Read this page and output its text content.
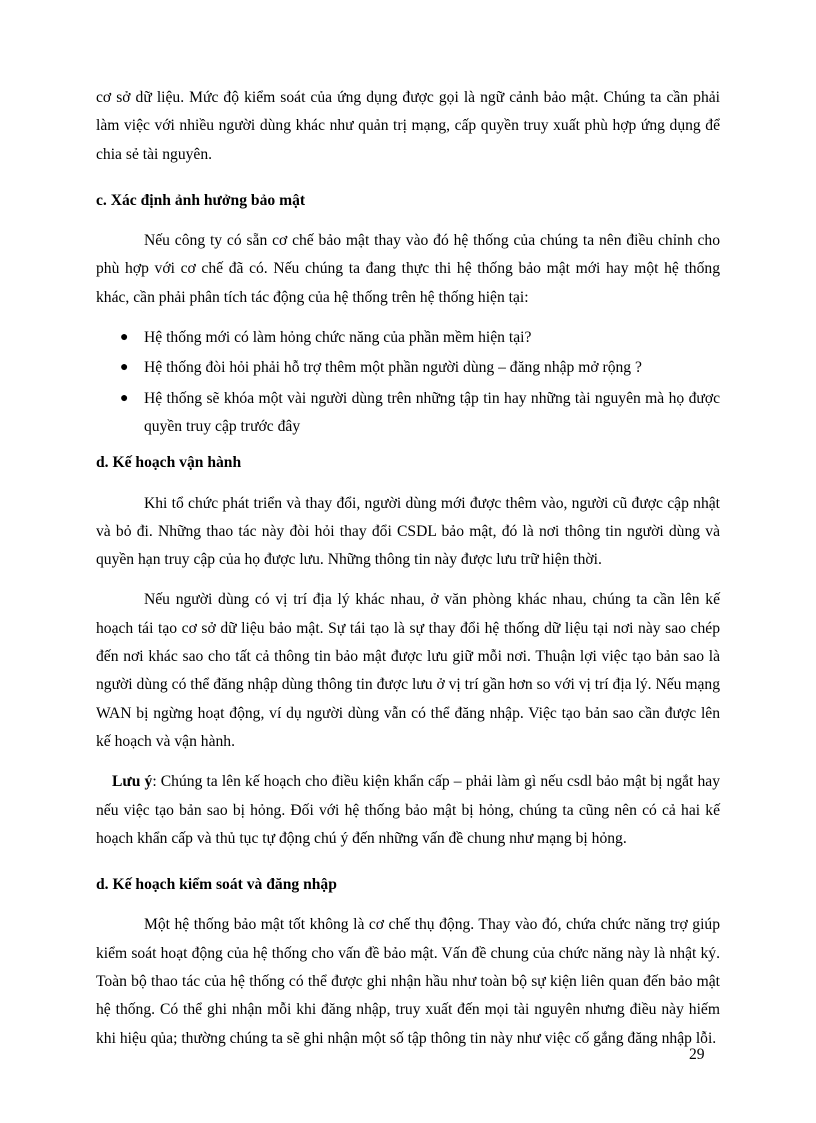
cơ sở dữ liệu. Mức độ kiểm soát của ứng dụng được gọi là ngữ cảnh bảo mật. Chúng ta cần phải làm việc với nhiều người dùng khác như quản trị mạng, cấp quyền truy xuất phù hợp ứng dụng để chia sẻ tài nguyên.

c. Xác định ảnh hưởng bảo mật

Nếu công ty có sẵn cơ chế bảo mật thay vào đó hệ thống của chúng ta nên điều chỉnh cho phù hợp với cơ chế đã có. Nếu chúng ta đang thực thi hệ thống bảo mật mới hay một hệ thống khác, cần phải phân tích tác động của hệ thống trên hệ thống hiện tại:

● Hệ thống mới có làm hỏng chức năng của phần mềm hiện tại?
● Hệ thống đòi hỏi phải hỗ trợ thêm một phần người dùng – đăng nhập mở rộng ?
● Hệ thống sẽ khóa một vài người dùng trên những tập tin hay những tài nguyên mà họ được quyền truy cập trước đây

d. Kế hoạch vận hành

Khi tổ chức phát triển và thay đổi, người dùng mới được thêm vào, người cũ được cập nhật và bỏ đi. Những thao tác này đòi hỏi thay đổi CSDL bảo mật, đó là nơi thông tin người dùng và quyền hạn truy cập của họ được lưu. Những thông tin này được lưu trữ hiện thời.

Nếu người dùng có vị trí địa lý khác nhau, ở văn phòng khác nhau, chúng ta cần lên kế hoạch tái tạo cơ sở dữ liệu bảo mật. Sự tái tạo là sự thay đổi hệ thống dữ liệu tại nơi này sao chép đến nơi khác sao cho tất cả thông tin bảo mật được lưu giữ mỗi nơi. Thuận lợi việc tạo bản sao là người dùng có thể đăng nhập dùng thông tin được lưu ở vị trí gần hơn so với vị trí địa lý. Nếu mạng WAN bị ngừng hoạt động, ví dụ người dùng vẫn có thể đăng nhập. Việc tạo bản sao cần được lên kế hoạch và vận hành.

Lưu ý: Chúng ta lên kế hoạch cho điều kiện khẩn cấp – phải làm gì nếu csdl bảo mật bị ngắt hay nếu việc tạo bản sao bị hỏng. Đối với hệ thống bảo mật bị hỏng, chúng ta cũng nên có cả hai kế hoạch khẩn cấp và thủ tục tự động chú ý đến những vấn đề chung như mạng bị hỏng.

d. Kế hoạch kiểm soát và đăng nhập

Một hệ thống bảo mật tốt không là cơ chế thụ động. Thay vào đó, chứa chức năng trợ giúp kiểm soát hoạt động của hệ thống cho vấn đề bảo mật. Vấn đề chung của chức năng này là nhật ký. Toàn bộ thao tác của hệ thống có thể được ghi nhận hầu như toàn bộ sự kiện liên quan đến bảo mật hệ thống. Có thể ghi nhận mỗi khi đăng nhập, truy xuất đến mọi tài nguyên nhưng điều này hiếm khi hiệu qủa; thường chúng ta sẽ ghi nhận một số tập thông tin này như việc cố gắng đăng nhập lỗi.

29
